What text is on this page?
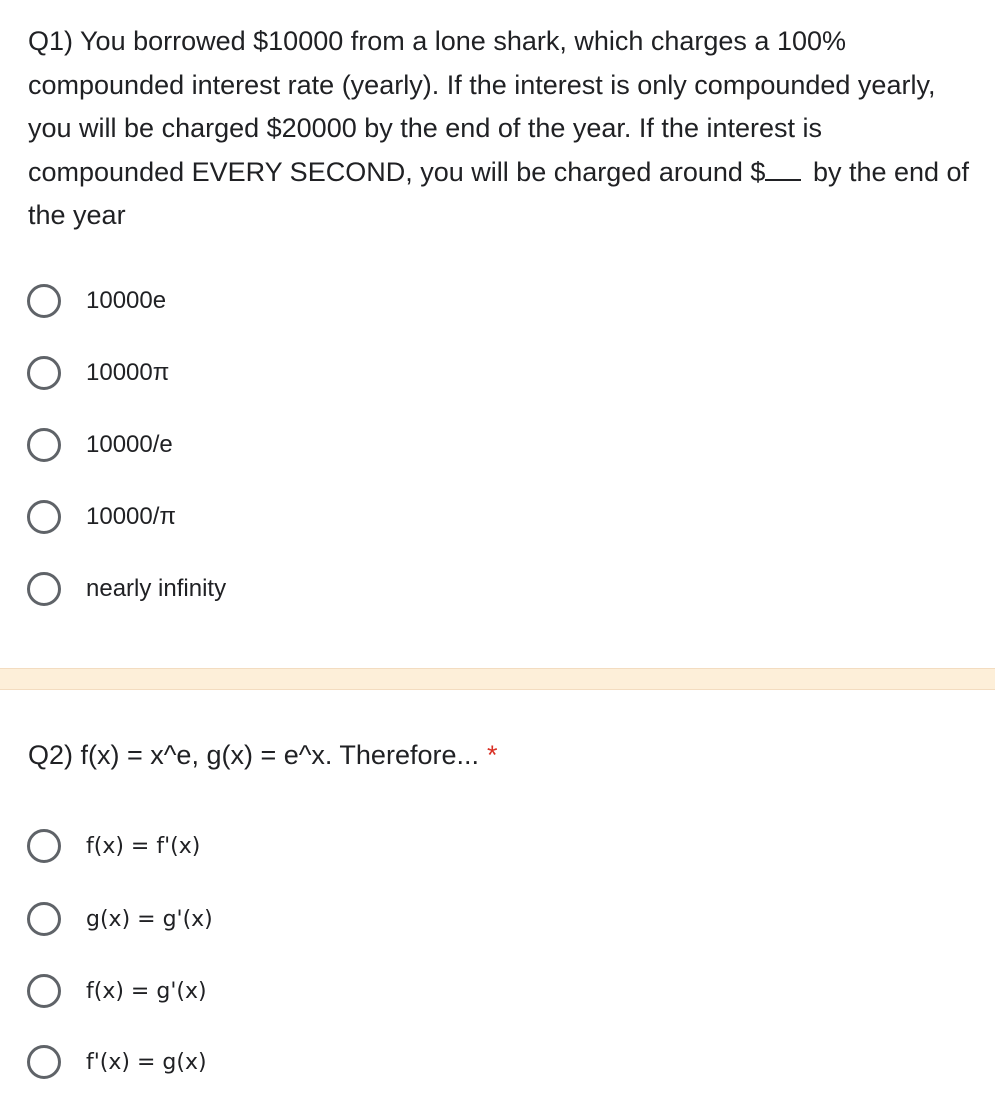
Q1) You borrowed $10000 from a lone shark, which charges a 100% compounded interest rate (yearly). If the interest is only compounded yearly, you will be charged $20000 by the end of the year. If the interest is compounded EVERY SECOND, you will be charged around $ by the end of the year
10000e
10000π
10000/e
10000/π
nearly infinity
Q2) f(x) = x^e, g(x) = e^x. Therefore... *
f(x) = f'(x)
g(x) = g'(x)
f(x) = g'(x)
f'(x) = g(x)
